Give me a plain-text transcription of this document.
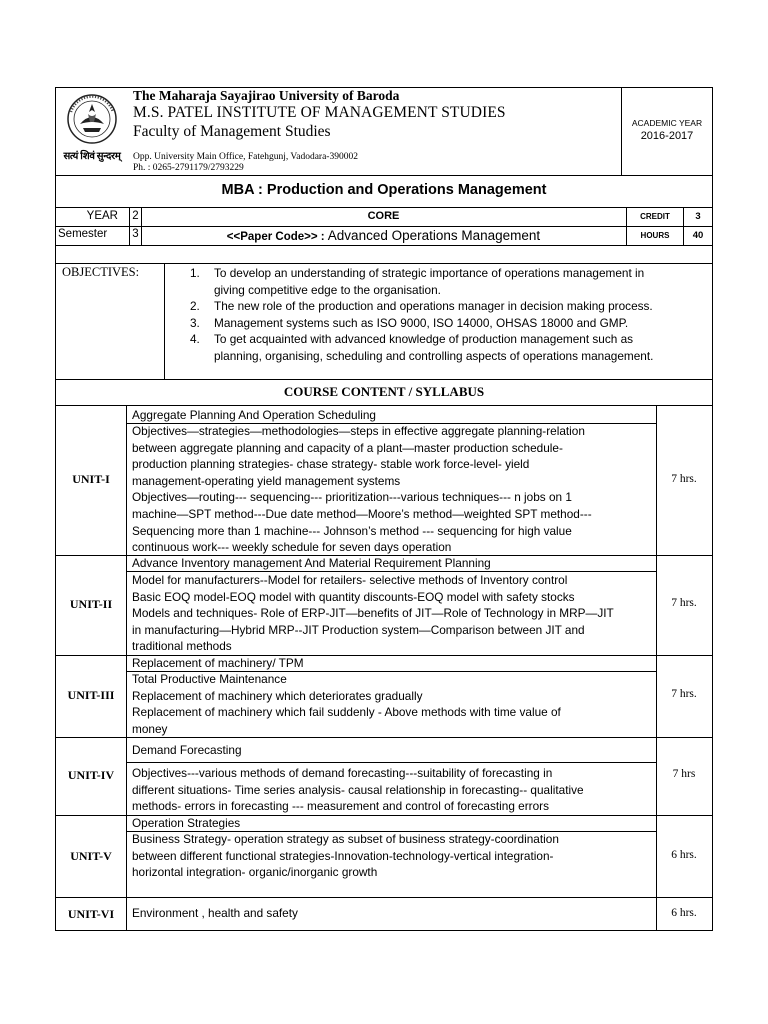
सत्यं शिवं सुन्दरम्
The Maharaja Sayajirao University of Baroda
M.S. PATEL INSTITUTE OF MANAGEMENT STUDIES
Faculty of Management Studies
Opp. University Main Office, Fatehgunj, Vadodara-390002
Ph. : 0265-2791179/2793229
ACADEMIC YEAR
2016-2017
MBA : Production and Operations Management
YEAR 2	CORE	CREDIT	3
Semester	3	<<Paper Code>> : Advanced Operations Management	HOURS	40
OBJECTIVES:	1. To develop an understanding of strategic importance of operations management in
giving competitive edge to the organisation.
2. The new role of the production and operations manager in decision making process.
3. Management systems such as ISO 9000, ISO 14000, OHSAS 18000 and GMP.
4. To get acquainted with advanced knowledge of production management such as
planning, organising, scheduling and controlling aspects of operations management.
COURSE CONTENT / SYLLABUS
UNIT-I
Aggregate Planning And Operation Scheduling
Objectives—strategies—methodologies—steps in effective aggregate planning-relation
between aggregate planning and capacity of a plant—master production schedule-
production planning strategies- chase strategy- stable work force-level- yield
management-operating yield management systems
Objectives—routing--- sequencing--- prioritization---various techniques--- n jobs on 1
machine—SPT method---Due date method—Moore’s method—weighted SPT method---
Sequencing more than 1 machine--- Johnson’s method --- sequencing for high value
continuous work--- weekly schedule for seven days operation
7 hrs.
UNIT-II
Advance Inventory management And Material Requirement Planning
Model for manufacturers--Model for retailers- selective methods of Inventory control
Basic EOQ model-EOQ model with quantity discounts-EOQ model with safety stocks
Models and techniques- Role of ERP-JIT—benefits of JIT—Role of Technology in MRP—JIT
in manufacturing—Hybrid MRP--JIT Production system—Comparison between JIT and
traditional methods
7 hrs.
UNIT-III
Replacement of machinery/ TPM
Total Productive Maintenance
Replacement of machinery which deteriorates gradually
Replacement of machinery which fail suddenly - Above methods with time value of
money
7 hrs.
UNIT-IV
Demand Forecasting
Objectives---various methods of demand forecasting---suitability of forecasting in
different situations- Time series analysis- causal relationship in forecasting-- qualitative
methods- errors in forecasting --- measurement and control of forecasting errors
7 hrs
UNIT-V
Operation Strategies
Business Strategy- operation strategy as subset of business strategy-coordination
between different functional strategies-Innovation-technology-vertical integration-
horizontal integration- organic/inorganic growth
6 hrs.
UNIT-VI	Environment , health and safety	6 hrs.
